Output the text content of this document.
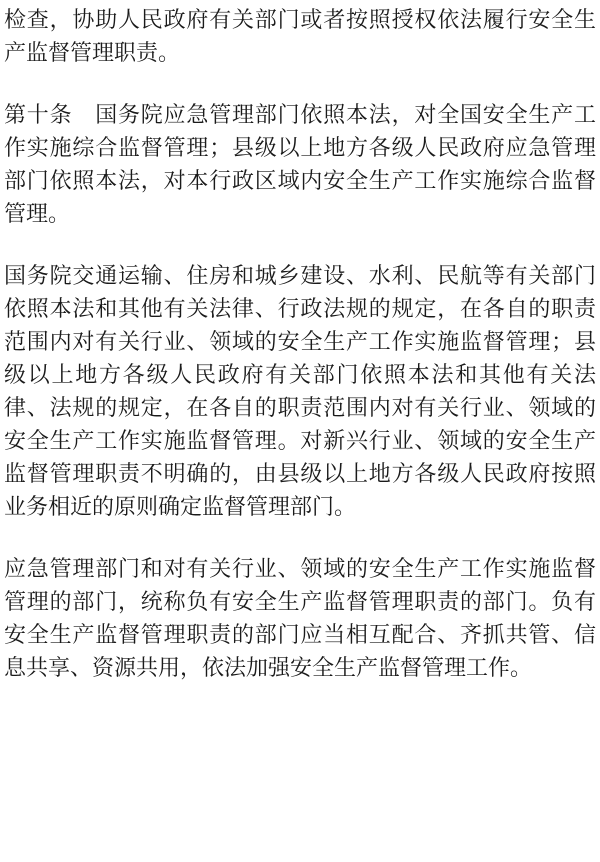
检查，协助人民政府有关部门或者按照授权依法履行安全生
产监督管理职责。
第十条　国务院应急管理部门依照本法，对全国安全生产工
作实施综合监督管理；县级以上地方各级人民政府应急管理
部门依照本法，对本行政区域内安全生产工作实施综合监督
管理。
国务院交通运输、住房和城乡建设、水利、民航等有关部门
依照本法和其他有关法律、行政法规的规定，在各自的职责
范围内对有关行业、领域的安全生产工作实施监督管理；县
级以上地方各级人民政府有关部门依照本法和其他有关法
律、法规的规定，在各自的职责范围内对有关行业、领域的
安全生产工作实施监督管理。对新兴行业、领域的安全生产
监督管理职责不明确的，由县级以上地方各级人民政府按照
业务相近的原则确定监督管理部门。
应急管理部门和对有关行业、领域的安全生产工作实施监督
管理的部门，统称负有安全生产监督管理职责的部门。负有
安全生产监督管理职责的部门应当相互配合、齐抓共管、信
息共享、资源共用，依法加强安全生产监督管理工作。
